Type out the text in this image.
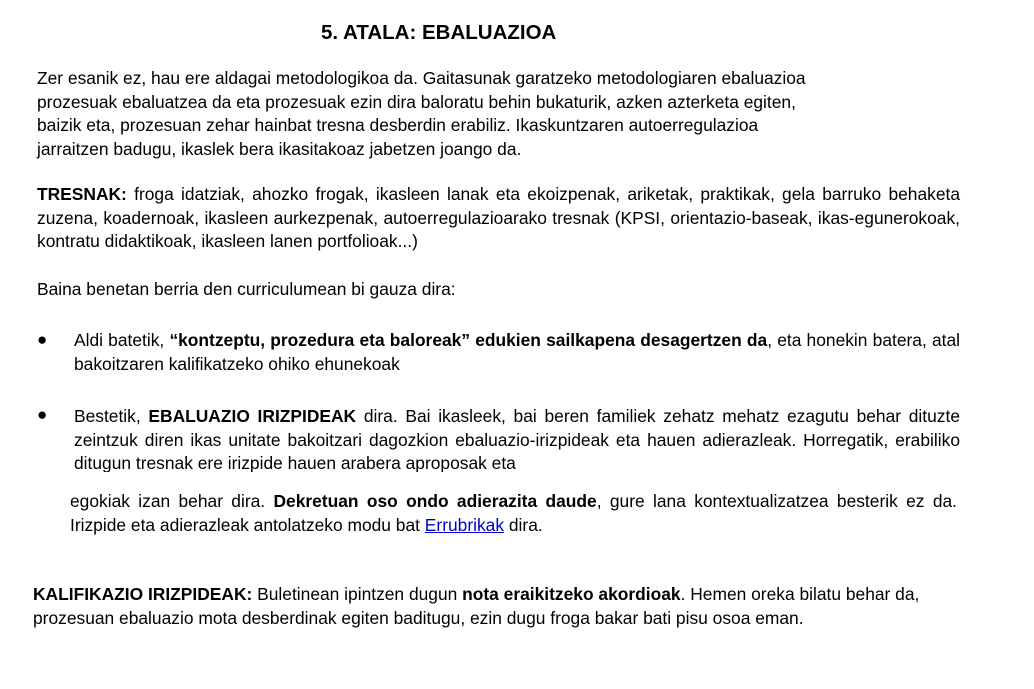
5. ATALA: EBALUAZIOA
Zer esanik ez, hau ere aldagai metodologikoa da. Gaitasunak garatzeko metodologiaren ebaluazioa
prozesuak ebaluatzea da eta prozesuak ezin dira baloratu behin bukaturik, azken azterketa egiten,
baizik eta, prozesuan zehar hainbat tresna desberdin erabiliz. Ikaskuntzaren autoerregulazioa
jarraitzen badugu, ikaslek bera ikasitakoaz jabetzen joango da.
TRESNAK: froga idatziak, ahozko frogak, ikasleen lanak eta ekoizpenak, ariketak, praktikak, gela barruko behaketa zuzena, koadernoak, ikasleen aurkezpenak, autoerregulazioarako tresnak (KPSI, orientazio-baseak, ikas-egunerokoak, kontratu didaktikoak, ikasleen lanen portfolioak...)
Baina benetan berria den curriculumean bi gauza dira:
● Aldi batetik, “kontzeptu, prozedura eta baloreak” edukien sailkapena desagertzen da, eta honekin batera, atal bakoitzaren kalifikatzeko ohiko ehunekoak
● Bestetik, EBALUAZIO IRIZPIDEAK dira. Bai ikasleek, bai beren familiek zehatz mehatz ezagutu behar dituzte zeintzuk diren ikas unitate bakoitzari dagozkion ebaluazio-irizpideak eta hauen adierazleak. Horregatik, erabiliko ditugun tresnak ere irizpide hauen arabera aproposak eta
egokiak izan behar dira. Dekretuan oso ondo adierazita daude, gure lana kontextualizatzea besterik ez da. Irizpide eta adierazleak antolatzeko modu bat Errubrikak dira.
KALIFIKAZIO IRIZPIDEAK: Buletinean ipintzen dugun nota eraikitzeko akordioak. Hemen oreka bilatu behar da, prozesuan ebaluazio mota desberdinak egiten baditugu, ezin dugu froga bakar bati pisu osoa eman.
